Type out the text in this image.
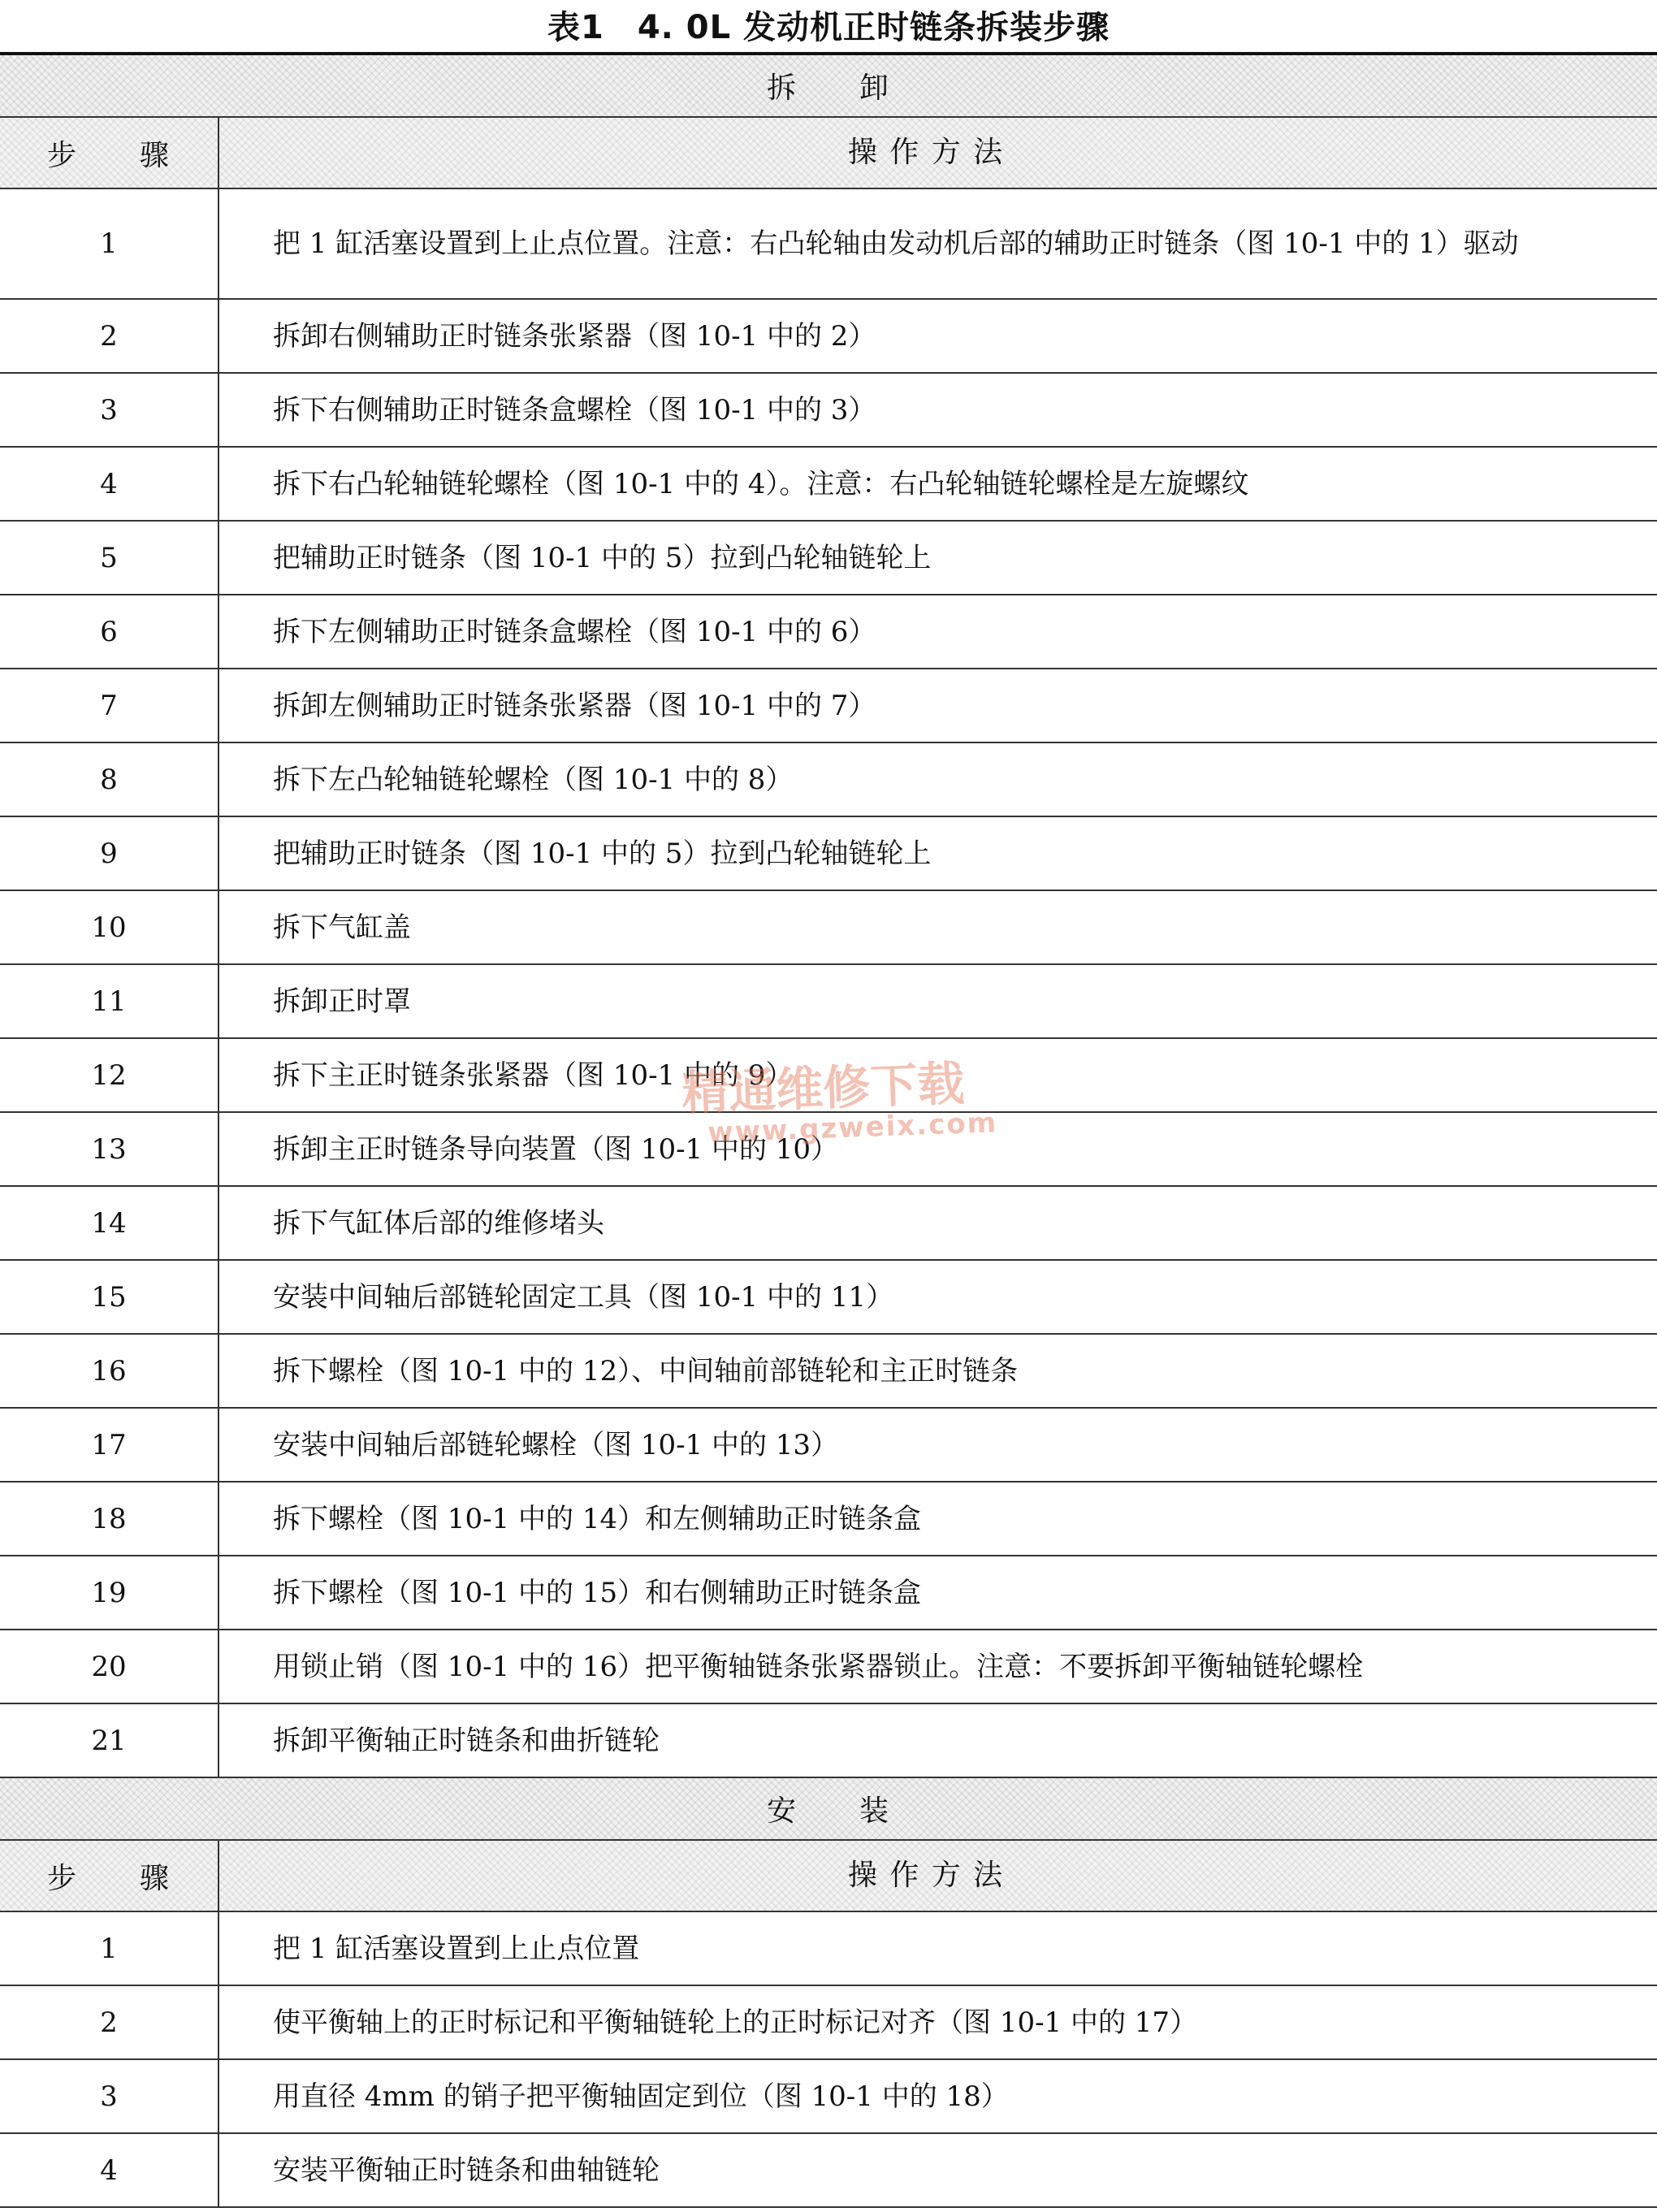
表1　4. 0L 发动机正时链条拆装步骤
拆　　卸
步　　骤	操 作 方 法
1	把 1 缸活塞设置到上止点位置。注意：右凸轮轴由发动机后部的辅助正时链条（图 10-1 中的 1）驱动
2	拆卸右侧辅助正时链条张紧器（图 10-1 中的 2）
3	拆下右侧辅助正时链条盒螺栓（图 10-1 中的 3）
4	拆下右凸轮轴链轮螺栓（图 10-1 中的 4）。注意：右凸轮轴链轮螺栓是左旋螺纹
5	把辅助正时链条（图 10-1 中的 5）拉到凸轮轴链轮上
6	拆下左侧辅助正时链条盒螺栓（图 10-1 中的 6）
7	拆卸左侧辅助正时链条张紧器（图 10-1 中的 7）
8	拆下左凸轮轴链轮螺栓（图 10-1 中的 8）
9	把辅助正时链条（图 10-1 中的 5）拉到凸轮轴链轮上
10	拆下气缸盖
11	拆卸正时罩
12	拆下主正时链条张紧器（图 10-1 中的 9）
13	拆卸主正时链条导向装置（图 10-1 中的 10）
14	拆下气缸体后部的维修堵头
15	安装中间轴后部链轮固定工具（图 10-1 中的 11）
16	拆下螺栓（图 10-1 中的 12）、中间轴前部链轮和主正时链条
17	安装中间轴后部链轮螺栓（图 10-1 中的 13）
18	拆下螺栓（图 10-1 中的 14）和左侧辅助正时链条盒
19	拆下螺栓（图 10-1 中的 15）和右侧辅助正时链条盒
20	用锁止销（图 10-1 中的 16）把平衡轴链条张紧器锁止。注意：不要拆卸平衡轴链轮螺栓
21	拆卸平衡轴正时链条和曲折链轮
安　　装
步　　骤	操 作 方 法
1	把 1 缸活塞设置到上止点位置
2	使平衡轴上的正时标记和平衡轴链轮上的正时标记对齐（图 10-1 中的 17）
3	用直径 4mm 的销子把平衡轴固定到位（图 10-1 中的 18）
4	安装平衡轴正时链条和曲轴链轮
精通维修下载
www.gzweix.com
